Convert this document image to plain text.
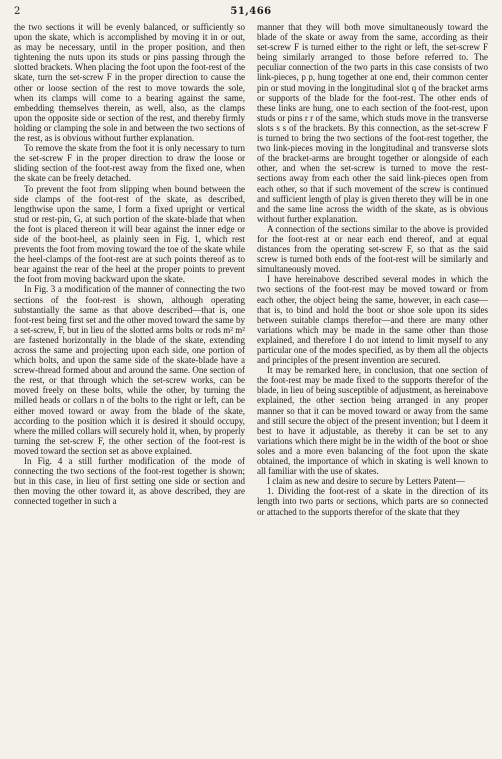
2	51,466

the two sections it will be evenly balanced, or sufficiently so upon the skate, which is accomplished by moving it in or out, as may be necessary, until in the proper position, and then tightening the nuts upon its studs or pins passing through the slotted brackets. When placing the foot upon the foot-rest of the skate, turn the set-screw F in the proper direction to cause the other or loose section of the rest to move towards the sole, when its clamps will come to a bearing against the same, embedding themselves therein, as well, also, as the clamps upon the opposite side or section of the rest, and thereby firmly holding or clamping the sole in and between the two sections of the rest, as is obvious without further explanation.

To remove the skate from the foot it is only necessary to turn the set-screw F in the proper direction to draw the loose or sliding section of the foot-rest away from the fixed one, when the skate can be freely detached.

To prevent the foot from slipping when bound between the side clamps of the foot-rest of the skate, as described, lengthwise upon the same, I form a fixed upright or vertical stud or rest-pin, G, at such portion of the skate-blade that when the foot is placed thereon it will bear against the inner edge or side of the boot-heel, as plainly seen in Fig. 1, which rest prevents the foot from moving toward the toe of the skate while the heel-clamps of the foot-rest are at such points thereof as to bear against the rear of the heel at the proper points to prevent the foot from moving backward upon the skate.

In Fig. 3 a modification of the manner of connecting the two sections of the foot-rest is shown, although operating substantially the same as that above described—that is, one foot-rest being first set and the other moved toward the same by a set-screw, F, but in lieu of the slotted arms bolts or rods m² m² are fastened horizontally in the blade of the skate, extending across the same and projecting upon each side, one portion of which bolts, and upon the same side of the skate-blade have a screw-thread formed about and around the same. One section of the rest, or that through which the set-screw works, can be moved freely on these bolts, while the other, by turning the milled heads or collars n of the bolts to the right or left, can be either moved toward or away from the blade of the skate, according to the position which it is desired it should occupy, where the milled collars will securely hold it, when, by properly turning the set-screw F, the other section of the foot-rest is moved toward the section set as above explained.

In Fig. 4 a still further modification of the mode of connecting the two sections of the foot-rest together is shown; but in this case, in lieu of first setting one side or section and then moving the other toward it, as above described, they are connected together in such a

manner that they will both move simultaneously toward the blade of the skate or away from the same, according as their set-screw F is turned either to the right or left, the set-screw F being similarly arranged to those before referred to. The peculiar connection of the two parts in this case consists of two link-pieces, p p, hung together at one end, their common center pin or stud moving in the longitudinal slot q of the bracket arms or supports of the blade for the foot-rest. The other ends of these links are hung, one to each section of the foot-rest, upon studs or pins r r of the same, which studs move in the transverse slots s s of the brackets. By this connection, as the set-screw F is turned to bring the two sections of the foot-rest together, the two link-pieces moving in the longitudinal and transverse slots of the bracket-arms are brought together or alongside of each other, and when the set-screw is turned to move the rest-sections away from each other the said link-pieces open from each other, so that if such movement of the screw is continued and sufficient length of play is given thereto they will be in one and the same line across the width of the skate, as is obvious without further explanation.

A connection of the sections similar to the above is provided for the foot-rest at or near each end thereof, and at equal distances from the operating set-screw F, so that as the said screw is turned both ends of the foot-rest will be similarly and simultaneously moved.

I have hereinabove described several modes in which the two sections of the foot-rest may be moved toward or from each other, the object being the same, however, in each case—that is, to bind and hold the boot or shoe sole upon its sides between suitable clamps therefor—and there are many other variations which may be made in the same other than those explained, and therefore I do not intend to limit myself to any particular one of the modes specified, as by them all the objects and principles of the present invention are secured.

It may be remarked here, in conclusion, that one section of the foot-rest may be made fixed to the supports therefor of the blade, in lieu of being susceptible of adjustment, as hereinabove explained, the other section being arranged in any proper manner so that it can be moved toward or away from the same and still secure the object of the present invention; but I deem it best to have it adjustable, as thereby it can be set to any variations which there might be in the width of the boot or shoe soles and a more even balancing of the foot upon the skate obtained, the importance of which in skating is well known to all familiar with the use of skates.

I claim as new and desire to secure by Letters Patent—

1. Dividing the foot-rest of a skate in the direction of its length into two parts or sections, which parts are so connected or attached to the supports therefor of the skate that they
